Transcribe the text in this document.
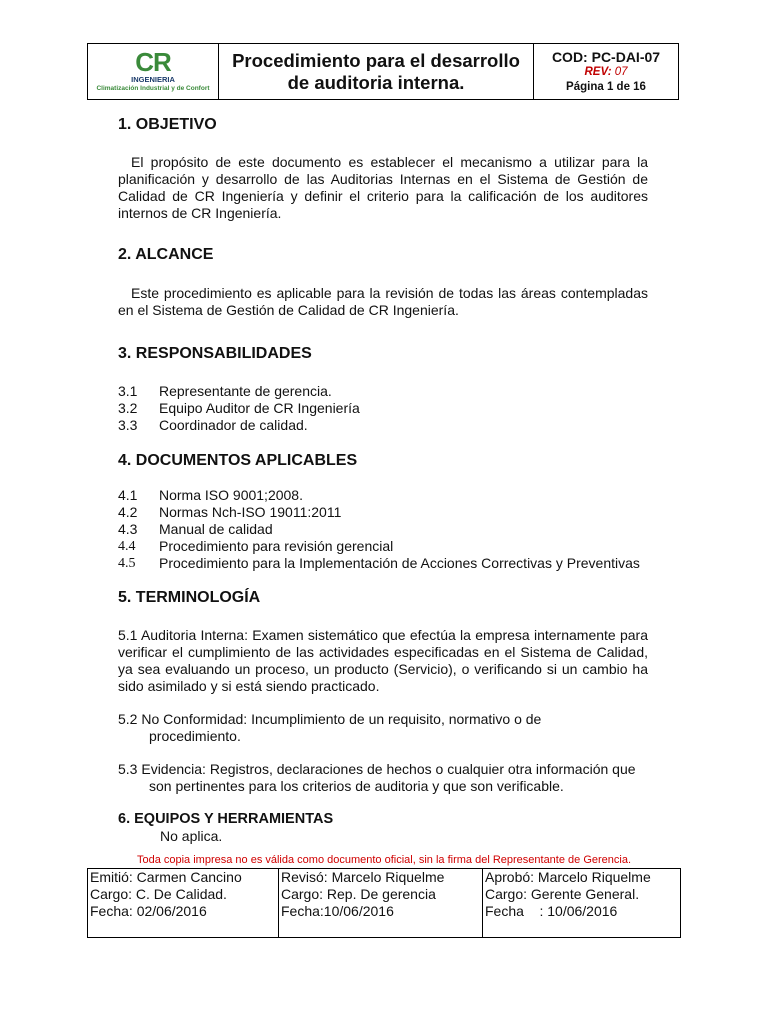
CR
INGENIERIA
Climatización Industrial y de Confort
Procedimiento para el desarrollo
de auditoria interna.
COD: PC-DAI-07
REV: 07
Página 1 de 16
1. OBJETIVO
El propósito de este documento es establecer el mecanismo a utilizar para la planificación y desarrollo de las Auditorias Internas en el Sistema de Gestión de Calidad de CR Ingeniería y definir el criterio para la calificación de los auditores internos de CR Ingeniería.
2. ALCANCE
Este procedimiento es aplicable para la revisión de todas las áreas contempladas en el Sistema de Gestión de Calidad de CR Ingeniería.
3. RESPONSABILIDADES
3.1	Representante de gerencia.
3.2	Equipo Auditor de CR Ingeniería
3.3	Coordinador de calidad.
4. DOCUMENTOS APLICABLES
4.1	Norma ISO 9001;2008.
4.2	Normas Nch-ISO 19011:2011
4.3	Manual de calidad
4.4	Procedimiento para revisión gerencial
4.5	Procedimiento para la Implementación de Acciones Correctivas y Preventivas
5. TERMINOLOGÍA
5.1 Auditoria Interna: Examen sistemático que efectúa la empresa internamente para verificar el cumplimiento de las actividades especificadas en el Sistema de Calidad, ya sea evaluando un proceso, un producto (Servicio), o verificando si un cambio ha sido asimilado y si está siendo practicado.
5.2 No Conformidad: Incumplimiento de un requisito, normativo o de
procedimiento.
5.3 Evidencia: Registros, declaraciones de hechos o cualquier otra información que
son pertinentes para los criterios de auditoria y que son verificable.
6. EQUIPOS Y HERRAMIENTAS
No aplica.
Toda copia impresa no es válida como documento oficial, sin la firma del Representante de Gerencia.
Emitió: Carmen Cancino
Cargo: C. De Calidad.
Fecha: 02/06/2016
Revisó: Marcelo Riquelme
Cargo: Rep. De gerencia
Fecha:10/06/2016
Aprobó: Marcelo Riquelme
Cargo: Gerente General.
Fecha    : 10/06/2016
